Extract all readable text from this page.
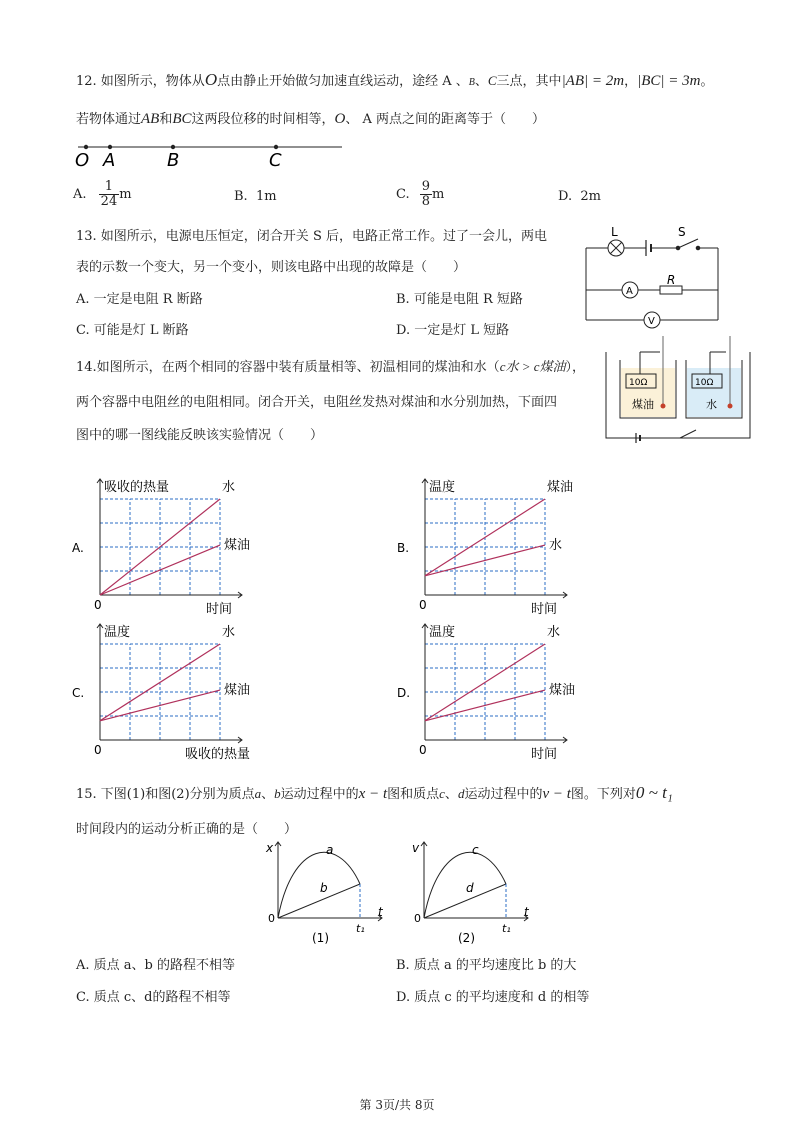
12. 如图所示，物体从O点由静止开始做匀加速直线运动，途经 A 、B、C三点，其中|AB| = 2m，|BC| = 3m。
若物体通过AB和BC这两段位移的时间相等，O、 A 两点之间的距离等于（　　）
O A	B	C
A. $\frac{1}{24}$ m	B. 1m	C. $\frac{9}{8}$ m	D. 2m
13. 如图所示，电源电压恒定，闭合开关 S 后，电路正常工作。过了一会儿，两电
表的示数一个变大，另一个变小，则该电路中出现的故障是（　　）
A. 一定是电阻 R 断路	B. 可能是电阻 R 短路
C. 可能是灯 L 断路	D. 一定是灯 L 短路
L	S
A
R
V
14.如图所示，在两个相同的容器中装有质量相等、初温相同的煤油和水（c水 > c煤油），
两个容器中电阻丝的电阻相同。闭合开关，电阻丝发热对煤油和水分别加热，下面四
图中的哪一图线能反映该实验情况（　　）
10Ω	10Ω
煤油	水
A.
吸收的热量
时间
0
水
煤油	B.
温度
时间
0
煤油
水
C.
温度
吸收的热量
0
水
煤油	D.
温度
时间
0
水
煤油
15. 下图(1)和图(2)分别为质点a、b运动过程中的x − t图和质点c、d运动过程中的v − t图。下列对0 ~ t₁
时间段内的运动分析正确的是（　　）
x
t
0
a
b
t₁
(1)
v
t
0
c
d
t₁
(2)
A. 质点 a、b 的路程不相等	B. 质点 a 的平均速度比 b 的大
C. 质点 c、d的路程不相等	D. 质点 c 的平均速度和 d 的相等
第 3页/共 8页
